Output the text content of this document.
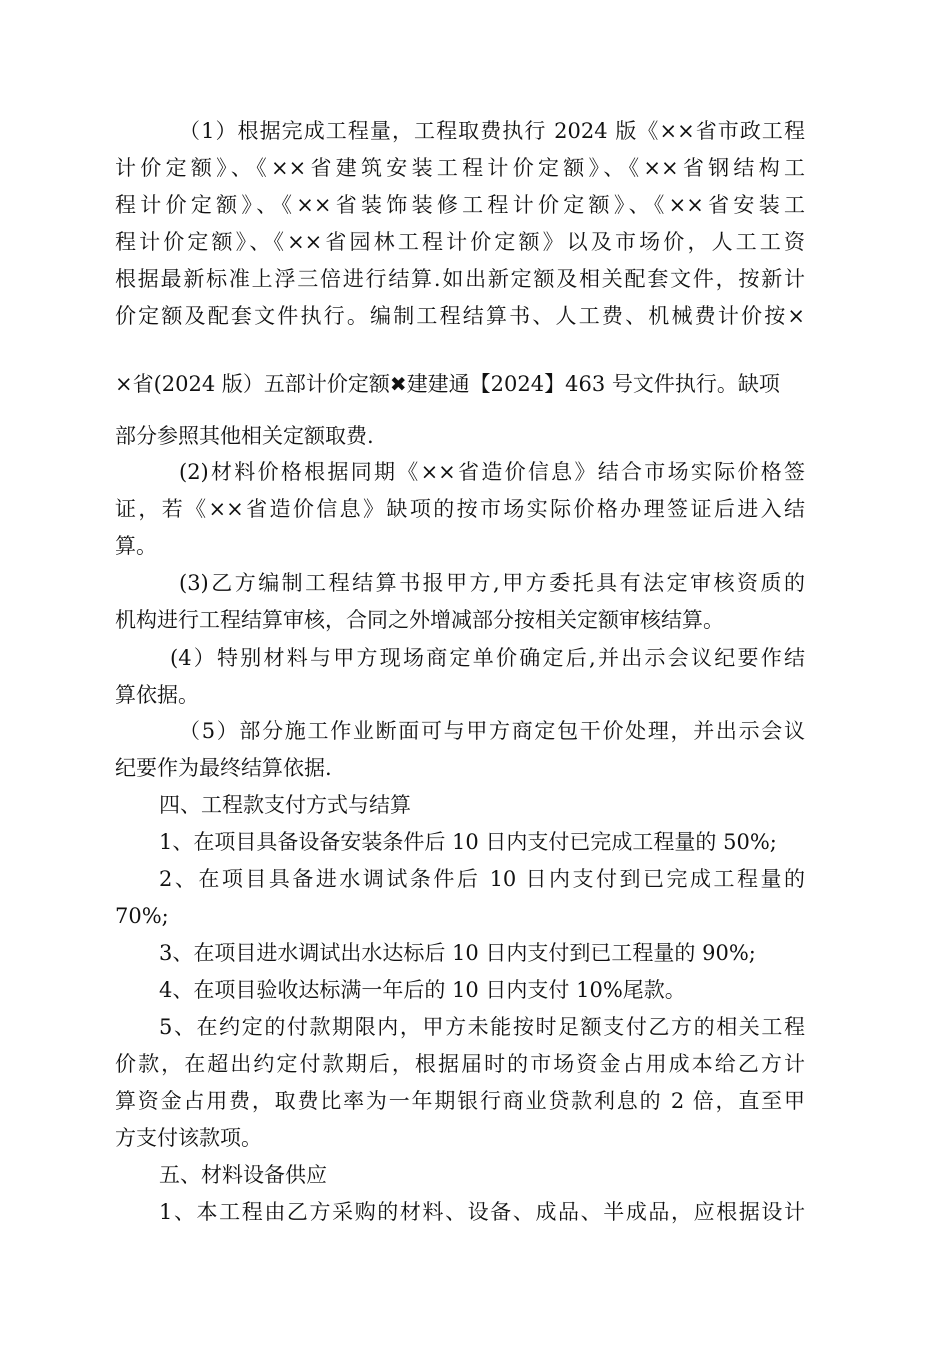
（1）根据完成工程量，工程取费执行 2024 版《××省市政工程
计价定额》、《××省建筑安装工程计价定额》、《××省钢结构工
程计价定额》、《××省装饰装修工程计价定额》、《××省安装工
程计价定额》、《××省园林工程计价定额》以及市场价，人工工资
根据最新标准上浮三倍进行结算.如出新定额及相关配套文件，按新计
价定额及配套文件执行。编制工程结算书、人工费、机械费计价按×
×省(2024 版）五部计价定额✖建建通【2024】463 号文件执行。缺项
部分参照其他相关定额取费.
(2)材料价格根据同期《××省造价信息》结合市场实际价格签
证，若《××省造价信息》缺项的按市场实际价格办理签证后进入结
算。
(3)乙方编制工程结算书报甲方,甲方委托具有法定审核资质的
机构进行工程结算审核，合同之外增减部分按相关定额审核结算。
(4）特别材料与甲方现场商定单价确定后,并出示会议纪要作结
算依据。
（5）部分施工作业断面可与甲方商定包干价处理，并出示会议
纪要作为最终结算依据.
四、工程款支付方式与结算
1、在项目具备设备安装条件后 10 日内支付已完成工程量的 50%;
2、在项目具备进水调试条件后 10 日内支付到已完成工程量的
70%;
3、在项目进水调试出水达标后 10 日内支付到已工程量的 90%;
4、在项目验收达标满一年后的 10 日内支付 10%尾款。
5、在约定的付款期限内，甲方未能按时足额支付乙方的相关工程
价款，在超出约定付款期后，根据届时的市场资金占用成本给乙方计
算资金占用费，取费比率为一年期银行商业贷款利息的 2 倍，直至甲
方支付该款项。
五、材料设备供应
1、本工程由乙方采购的材料、设备、成品、半成品，应根据设计
